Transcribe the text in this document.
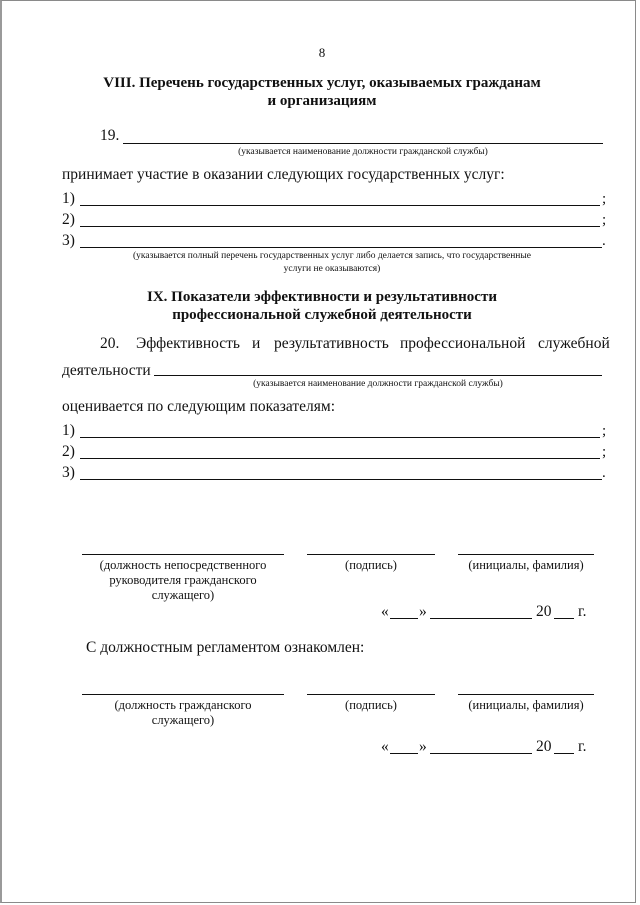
8
VIII. Перечень государственных услуг, оказываемых гражданам
и организациям
19.
(указывается наименование должности гражданской службы)
принимает участие в оказании следующих государственных услуг:
1)	;
2)	;
3)	.
(указывается полный перечень государственных услуг либо делается запись, что государственные
услуги не оказываются)
IX. Показатели эффективности и результативности
профессиональной служебной деятельности
20. Эффективность и результативность профессиональной служебной
деятельности
(указывается наименование должности гражданской службы)
оценивается по следующим показателям:
1)	;
2)	;
3)	.
(должность непосредственного руководителя гражданского служащего)
(подпись)	(инициалы, фамилия)
« »	20 г.
С должностным регламентом ознакомлен:
(должность гражданского служащего)
(подпись)	(инициалы, фамилия)
« »	20 г.
